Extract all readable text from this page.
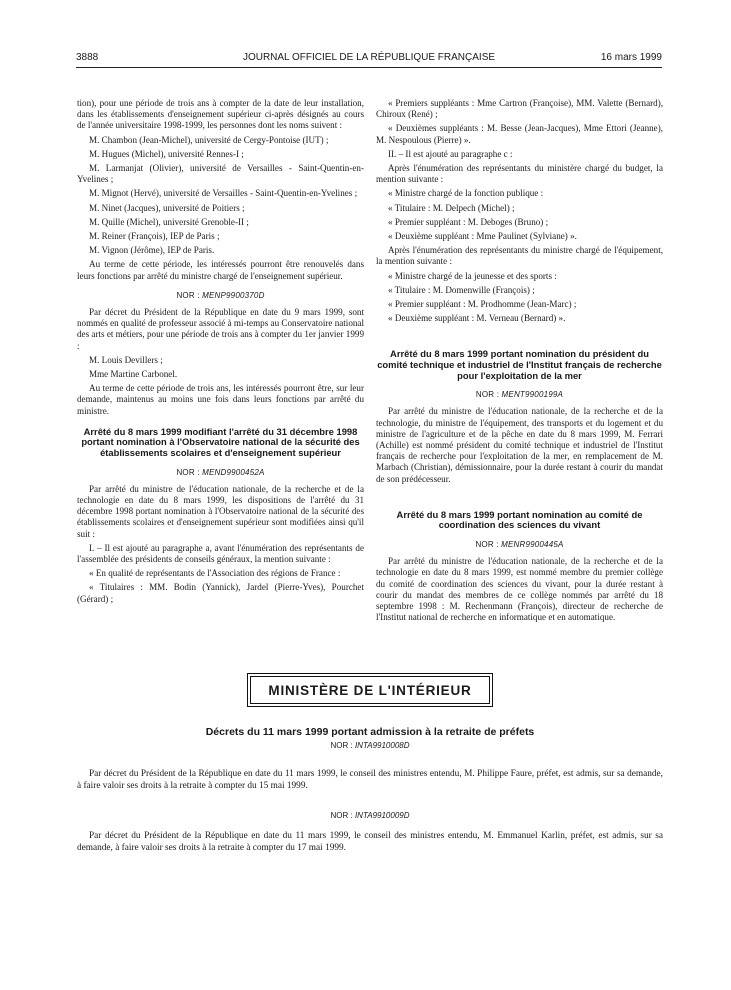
3888	JOURNAL OFFICIEL DE LA RÉPUBLIQUE FRANÇAISE	16 mars 1999

tion), pour une période de trois ans à compter de la date de leur installation, dans les établissements d'enseignement supérieur ci-après désignés au cours de l'année universitaire 1998-1999, les personnes dont les noms suivent :

M. Chambon (Jean-Michel), université de Cergy-Pontoise (IUT) ;

M. Hugues (Michel), université Rennes-I ;

M. Larmanjat (Olivier), université de Versailles - Saint-Quentin-en-Yvelines ;

M. Mignot (Hervé), université de Versailles - Saint-Quentin-en-Yvelines ;

M. Ninet (Jacques), université de Poitiers ;

M. Quille (Michel), université Grenoble-II ;

M. Reiner (François), IEP de Paris ;

M. Vignon (Jérôme), IEP de Paris.

Au terme de cette période, les intéressés pourront être renouvelés dans leurs fonctions par arrêté du ministre chargé de l'enseignement supérieur.

NOR : MENP9900370D

Par décret du Président de la République en date du 9 mars 1999, sont nommés en qualité de professeur associé à mi-temps au Conservatoire national des arts et métiers, pour une période de trois ans à compter du 1er janvier 1999 :

M. Louis Devillers ;

Mme Martine Carbonel.

Au terme de cette période de trois ans, les intéressés pourront être, sur leur demande, maintenus au moins une fois dans leurs fonctions par arrêté du ministre.

Arrêté du 8 mars 1999 modifiant l'arrêté du 31 décembre 1998 portant nomination à l'Observatoire national de la sécurité des établissements scolaires et d'enseignement supérieur
NOR : MEND9900452A

Par arrêté du ministre de l'éducation nationale, de la recherche et de la technologie en date du 8 mars 1999, les dispositions de l'arrêté du 31 décembre 1998 portant nomination à l'Observatoire national de la sécurité des établissements scolaires et d'enseignement supérieur sont modifiées ainsi qu'il suit :

I. – Il est ajouté au paragraphe a, avant l'énumération des représentants de l'assemblée des présidents de conseils généraux, la mention suivante :

« En qualité de représentants de l'Association des régions de France :

« Titulaires : MM. Bodin (Yannick), Jardel (Pierre-Yves), Pourchet (Gérard) ;

« Premiers suppléants : Mme Cartron (Françoise), MM. Valette (Bernard), Chiroux (René) ;

« Deuxièmes suppléants : M. Besse (Jean-Jacques), Mme Ettori (Jeanne), M. Nespoulous (Pierre) ».

II. – Il est ajouté au paragraphe c :

Après l'énumération des représentants du ministère chargé du budget, la mention suivante :

« Ministre chargé de la fonction publique :

« Titulaire : M. Delpech (Michel) ;

« Premier suppléant : M. Deboges (Bruno) ;

« Deuxième suppléant : Mme Paulinet (Sylviane) ».

Après l'énumération des représentants du ministre chargé de l'équipement, la mention suivante :

« Ministre chargé de la jeunesse et des sports :

« Titulaire : M. Domenwille (François) ;

« Premier suppléant : M. Prodhomme (Jean-Marc) ;

« Deuxième suppléant : M. Verneau (Bernard) ».

Arrêté du 8 mars 1999 portant nomination du président du comité technique et industriel de l'Institut français de recherche pour l'exploitation de la mer
NOR : MENT9900199A

Par arrêté du ministre de l'éducation nationale, de la recherche et de la technologie, du ministre de l'équipement, des transports et du logement et du ministre de l'agriculture et de la pêche en date du 8 mars 1999, M. Ferrari (Achille) est nommé président du comité technique et industriel de l'Institut français de recherche pour l'exploitation de la mer, en remplacement de M. Marbach (Christian), démissionnaire, pour la durée restant à courir du mandat de son prédécesseur.

Arrêté du 8 mars 1999 portant nomination au comité de coordination des sciences du vivant
NOR : MENR9900445A

Par arrêté du ministre de l'éducation nationale, de la recherche et de la technologie en date du 8 mars 1999, est nommé membre du premier collège du comité de coordination des sciences du vivant, pour la durée restant à courir du mandat des membres de ce collège nommés par arrêté du 18 septembre 1998 : M. Rechenmann (François), directeur de recherche de l'Institut national de recherche en informatique et en automatique.

MINISTÈRE DE L'INTÉRIEUR
Décrets du 11 mars 1999 portant admission à la retraite de préfets
NOR : INTA9910008D

Par décret du Président de la République en date du 11 mars 1999, le conseil des ministres entendu, M. Philippe Faure, préfet, est admis, sur sa demande, à faire valoir ses droits à la retraite à compter du 15 mai 1999.

NOR : INTA9910009D

Par décret du Président de la République en date du 11 mars 1999, le conseil des ministres entendu, M. Emmanuel Karlin, préfet, est admis, sur sa demande, à faire valoir ses droits à la retraite à compter du 17 mai 1999.
